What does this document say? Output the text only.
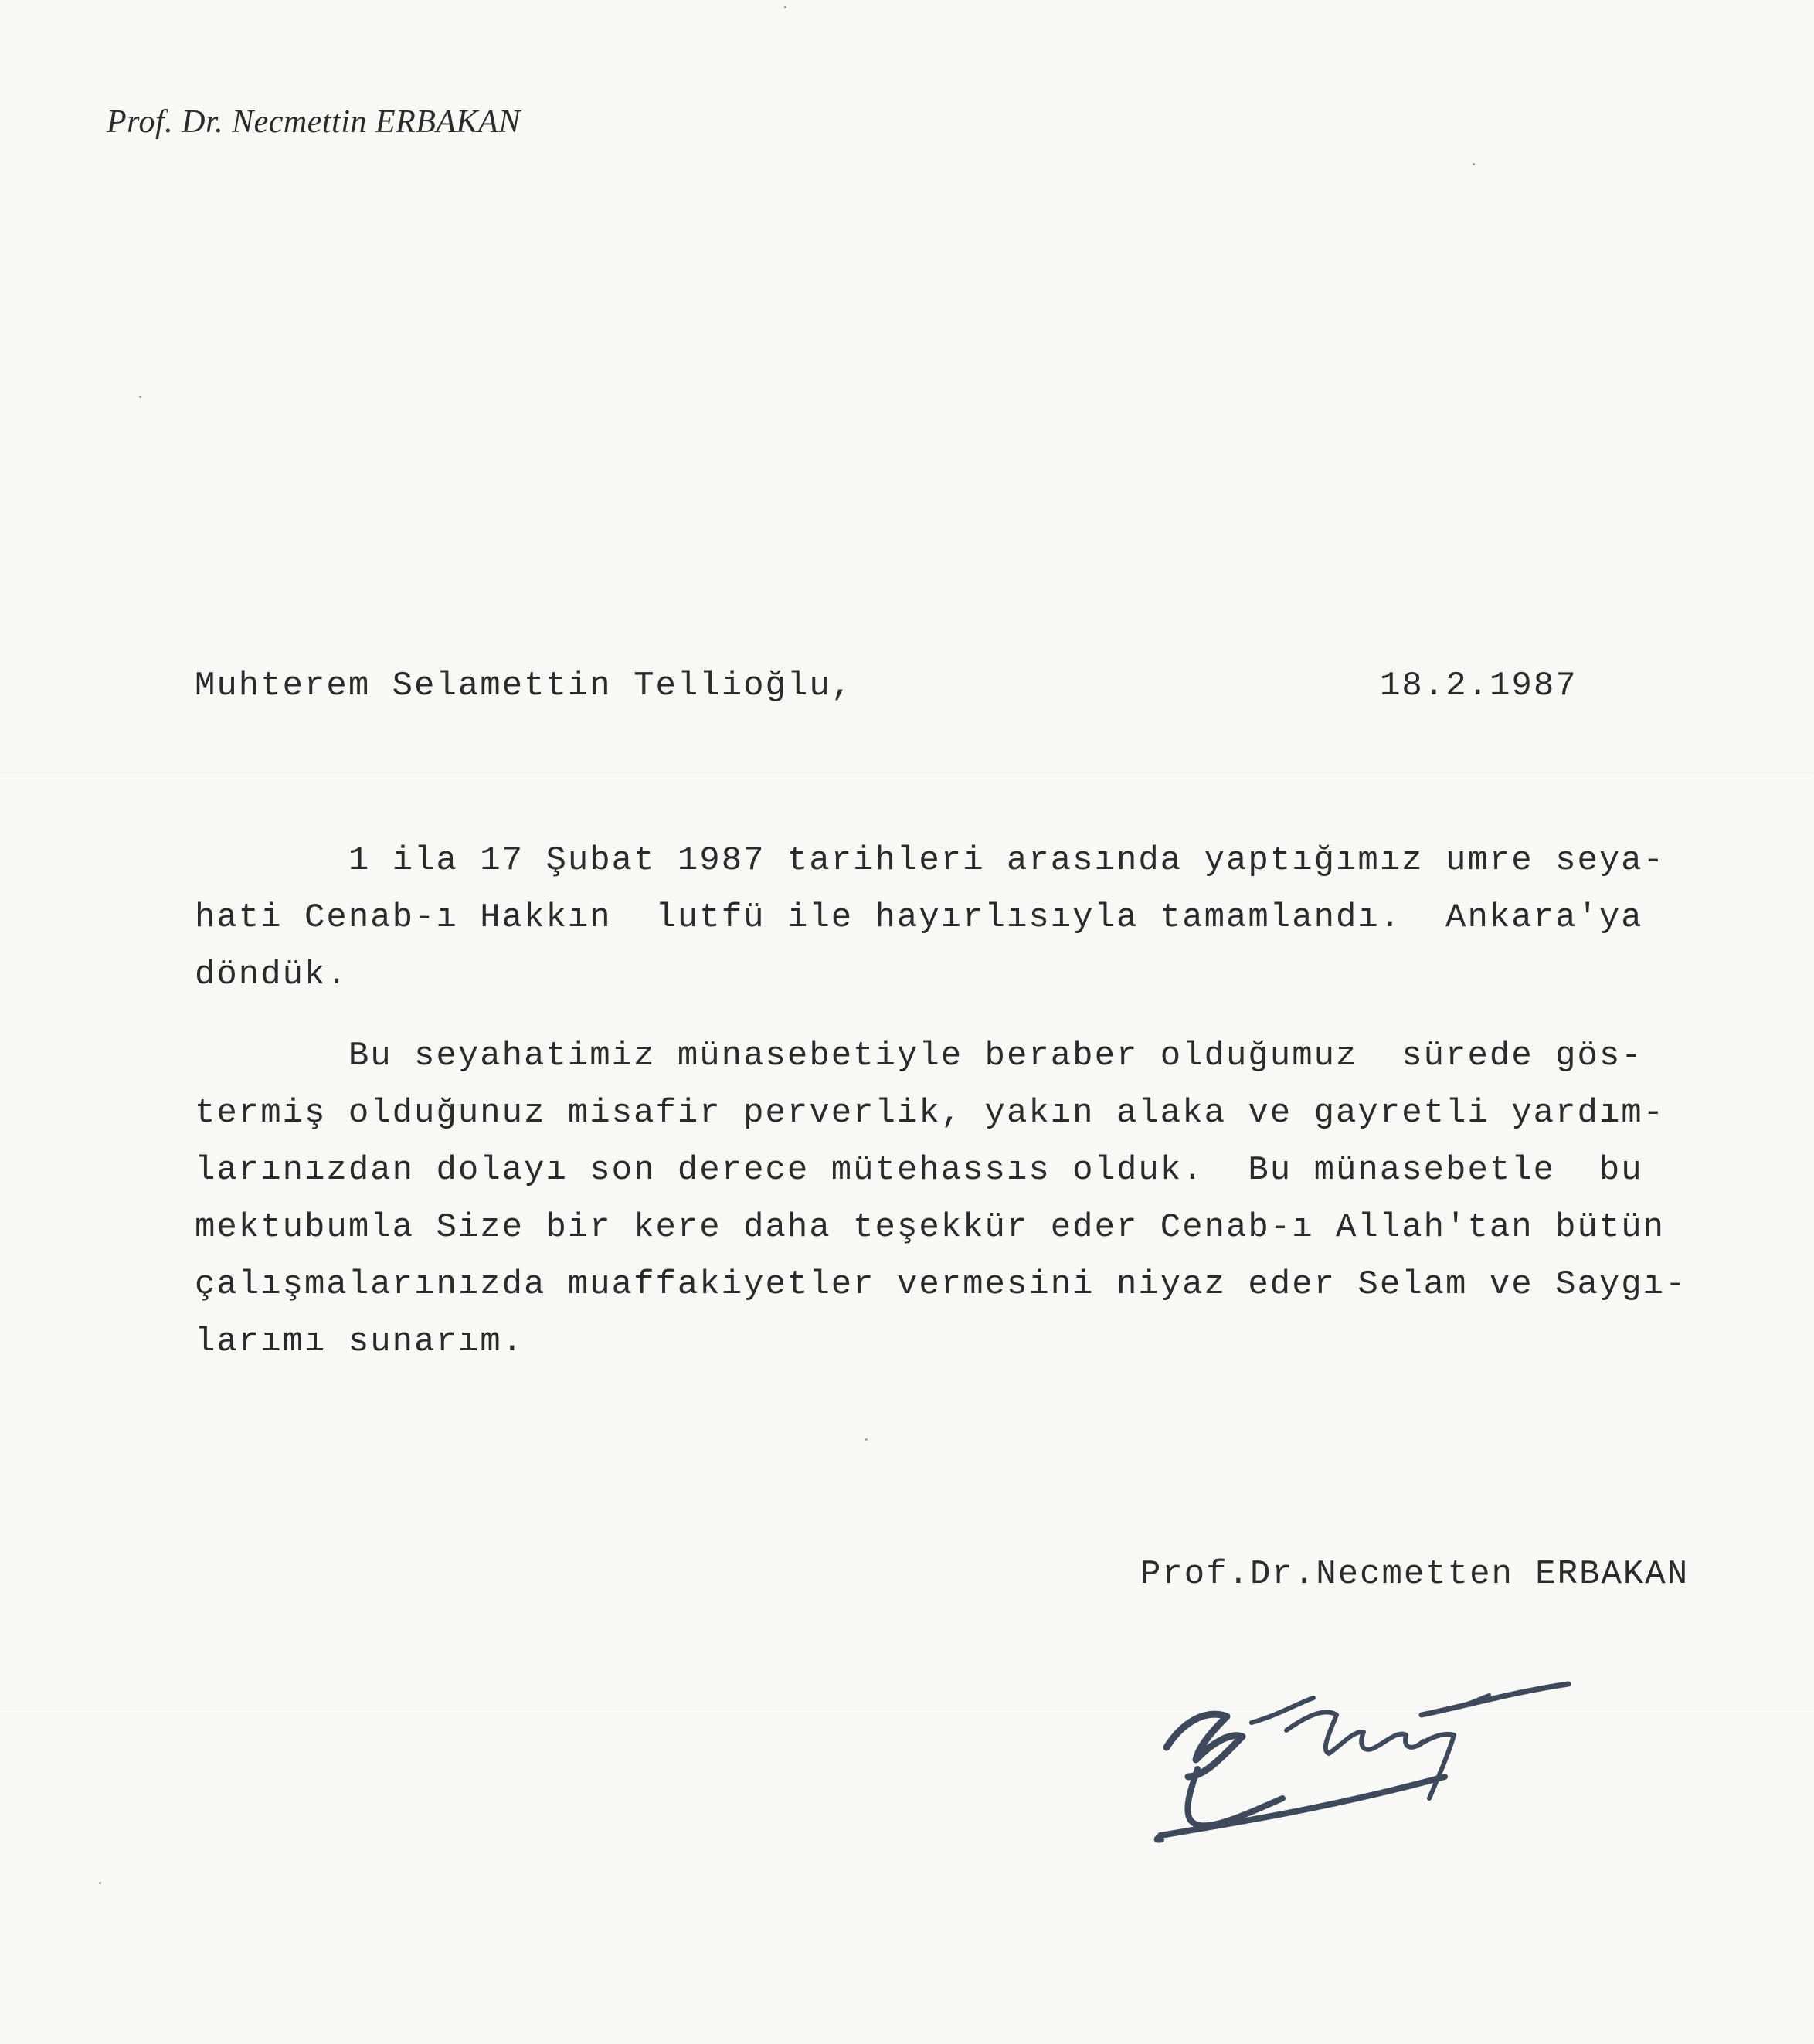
Prof. Dr. Necmettin ERBAKAN
Muhterem Selamettin Tellioğlu,	18.2.1987
1 ila 17 Şubat 1987 tarihleri arasında yaptığımız umre seya-
hati Cenab-ı Hakkın  lutfü ile hayırlısıyla tamamlandı.  Ankara'ya
döndük.
Bu seyahatimiz münasebetiyle beraber olduğumuz  sürede gös-
termiş olduğunuz misafir perverlik, yakın alaka ve gayretli yardım-
larınızdan dolayı son derece mütehassıs olduk.  Bu münasebetle  bu
mektubumla Size bir kere daha teşekkür eder Cenab-ı Allah'tan bütün
çalışmalarınızda muaffakiyetler vermesini niyaz eder Selam ve Saygı-
larımı sunarım.
Prof.Dr.Necmetten ERBAKAN
